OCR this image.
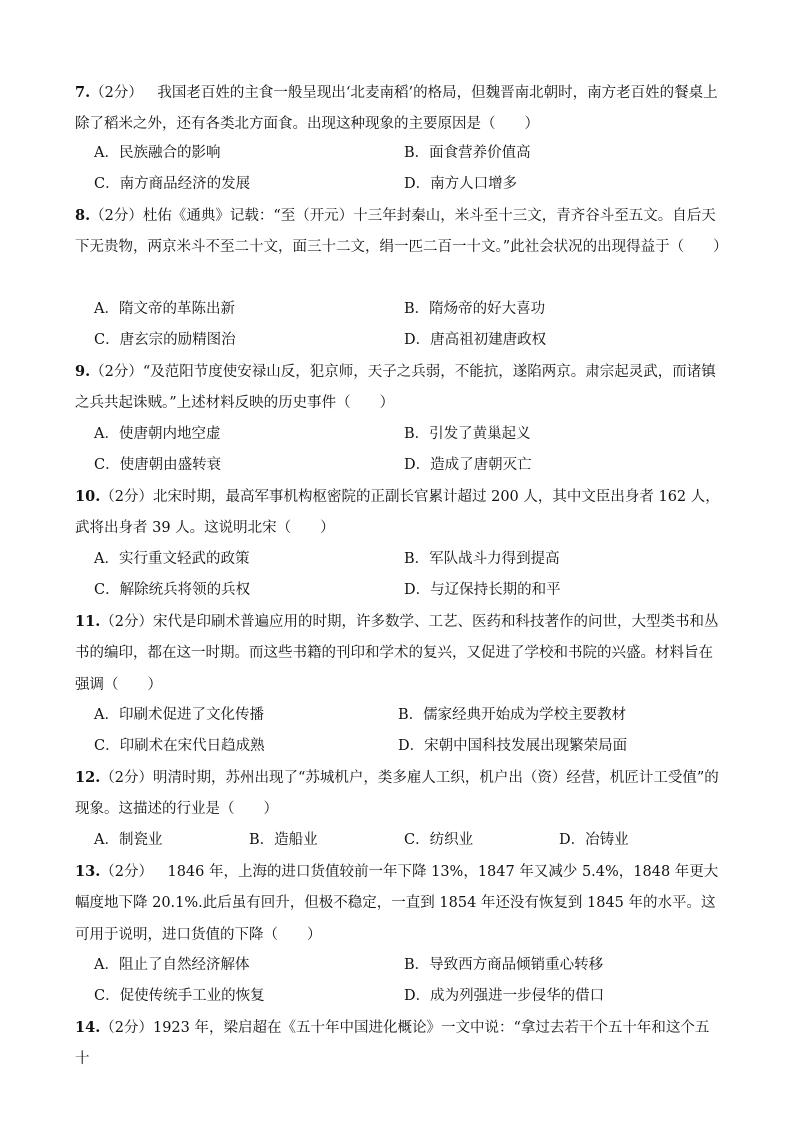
7.（2分）  我国老百姓的主食一般呈现出‘北麦南稻’的格局，但魏晋南北朝时，南方老百姓的餐桌上除了稻米之外，还有各类北方面食。出现这种现象的主要原因是（　　）
A．民族融合的影响	B．面食营养价值高
C．南方商品经济的发展	D．南方人口增多
8.（2分）杜佑《通典》记载：“至（开元）十三年封秦山，米斗至十三文，青齐谷斗至五文。自后天下无贵物，两京米斗不至二十文，面三十二文，绢一匹二百一十文。”此社会状况的出现得益于（　　）
A．隋文帝的革陈出新	B．隋炀帝的好大喜功
C．唐玄宗的励精图治	D．唐高祖初建唐政权
9.（2分）“及范阳节度使安禄山反，犯京师，天子之兵弱，不能抗，遂陷两京。肃宗起灵武，而诸镇之兵共起诛贼。”上述材料反映的历史事件（　　）
A．使唐朝内地空虚	B．引发了黄巢起义
C．使唐朝由盛转衰	D．造成了唐朝灭亡
10.（2分）北宋时期，最高军事机构枢密院的正副长官累计超过 200 人，其中文臣出身者 162 人，武将出身者 39 人。这说明北宋（　　）
A．实行重文轻武的政策	B．军队战斗力得到提高
C．解除统兵将领的兵权	D．与辽保持长期的和平
11.（2分）宋代是印刷术普遍应用的时期，许多数学、工艺、医药和科技著作的问世，大型类书和丛书的编印，都在这一时期。而这些书籍的刊印和学术的复兴，又促进了学校和书院的兴盛。材料旨在强调（　　）
A．印刷术促进了文化传播	B．儒家经典开始成为学校主要教材
C．印刷术在宋代日趋成熟	D．宋朝中国科技发展出现繁荣局面
12.（2分）明清时期，苏州出现了“苏城机户，类多雇人工织，机户出（资）经营，机匠计工受值”的现象。这描述的行业是（　　）
A．制瓷业	B．造船业	C．纺织业	D．冶铸业
13.（2分）  1846 年，上海的进口货值较前一年下降 13%，1847 年又减少 5.4%，1848 年更大幅度地下降 20.1%.此后虽有回升，但极不稳定，一直到 1854 年还没有恢复到 1845 年的水平。这可用于说明，进口货值的下降（　　）
A．阻止了自然经济解体	B．导致西方商品倾销重心转移
C．促使传统手工业的恢复	D．成为列强进一步侵华的借口
14.（2分）1923 年，梁启超在《五十年中国进化概论》一文中说：“拿过去若干个五十年和这个五十
